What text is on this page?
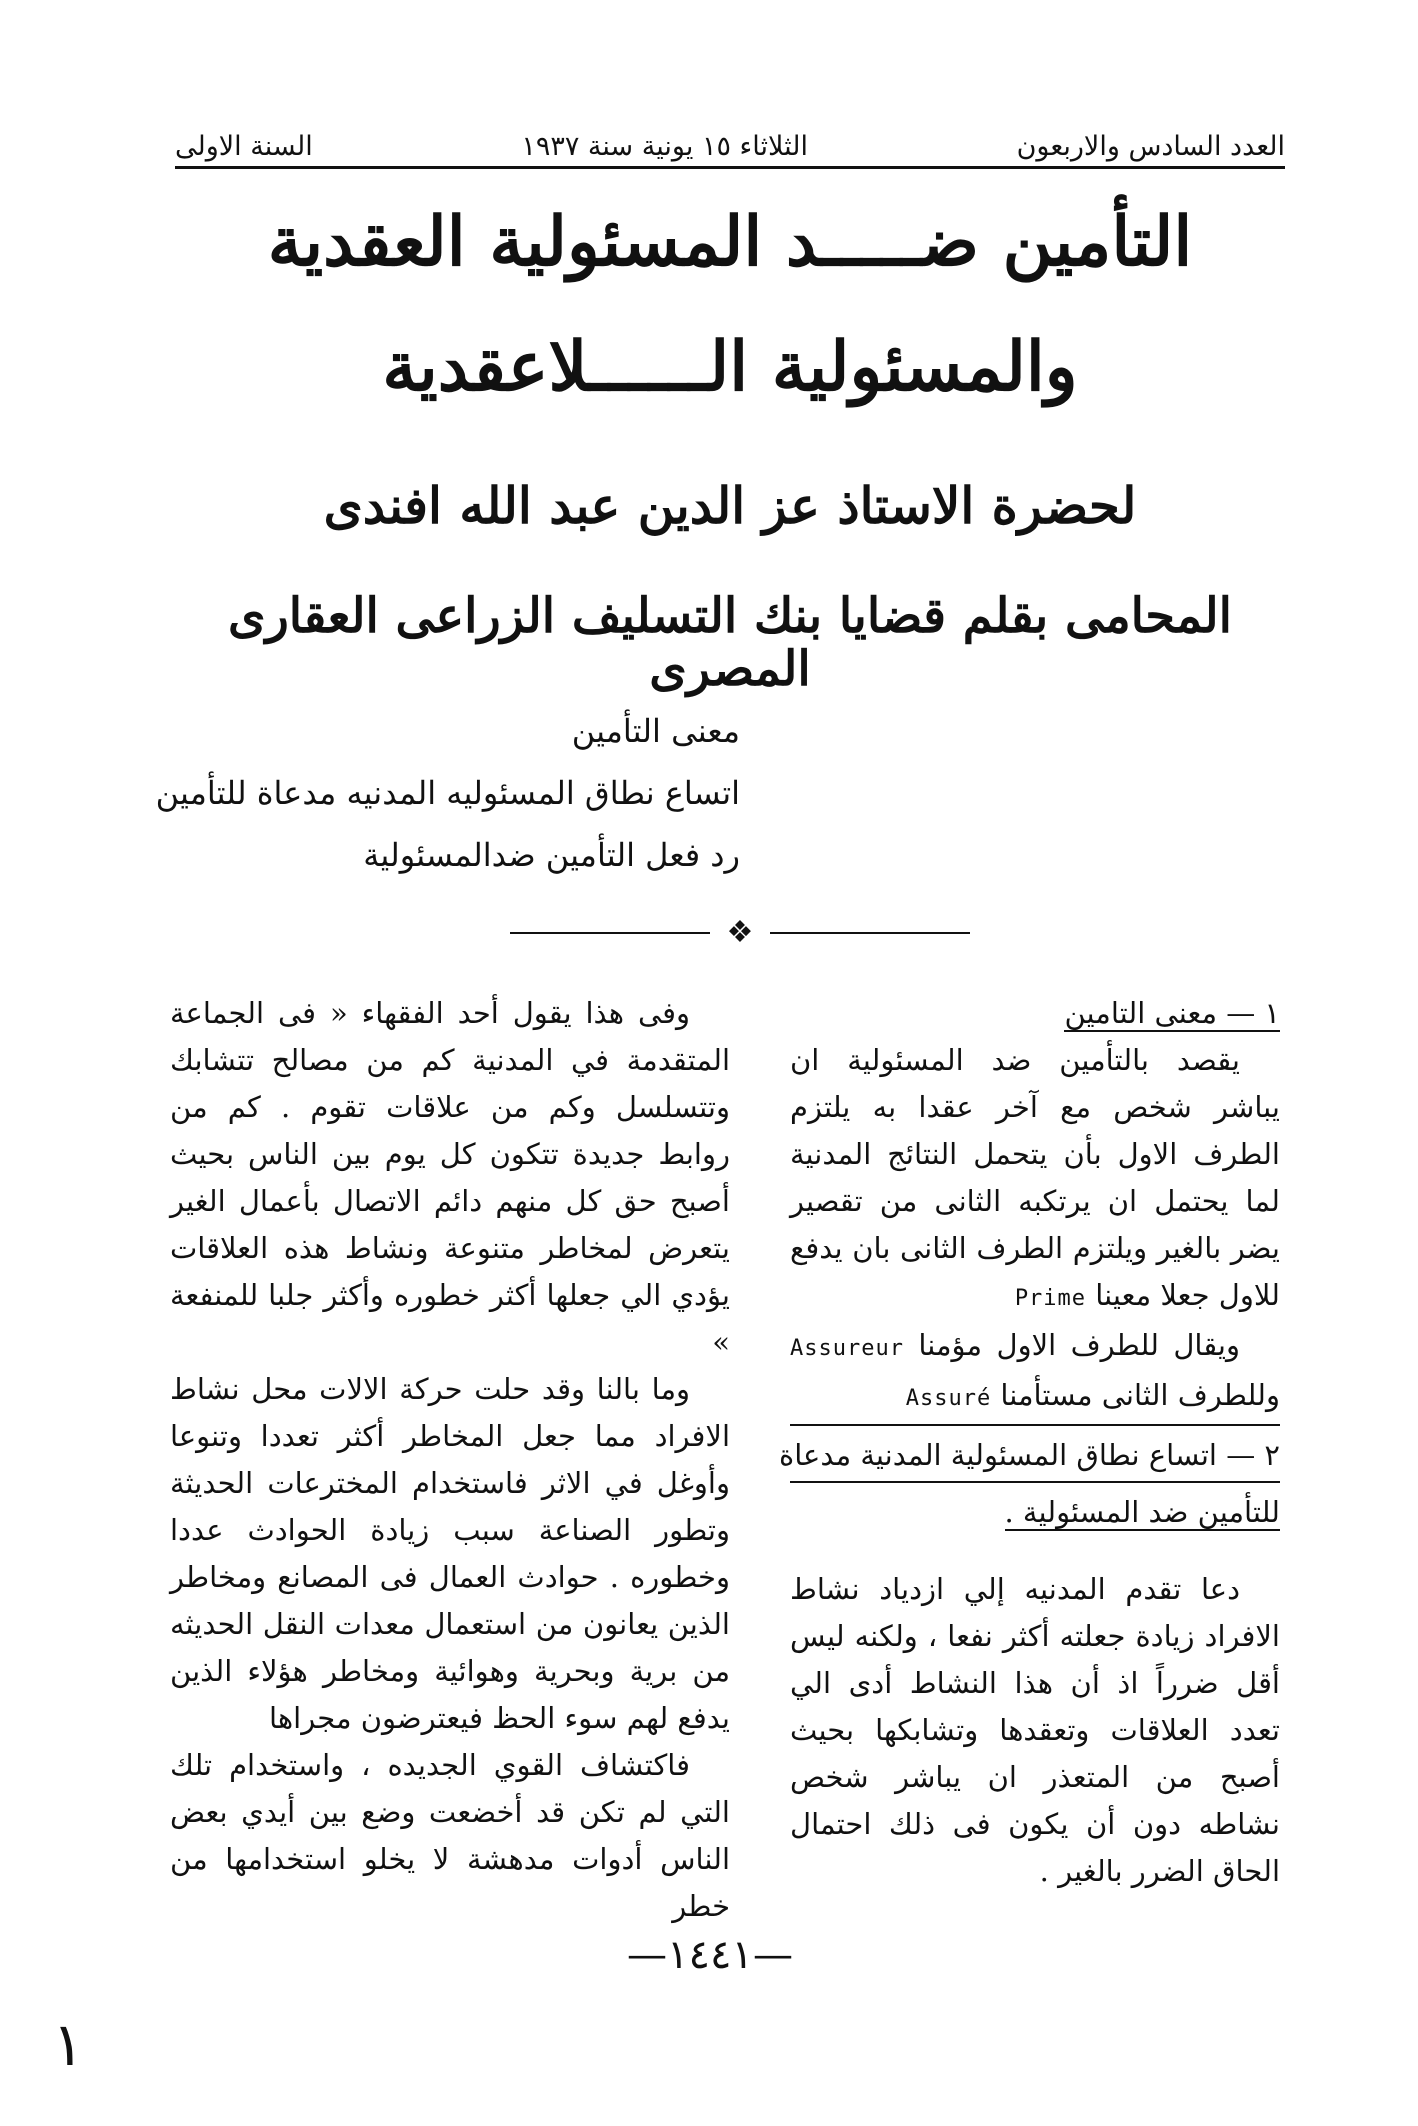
العدد السادس والاربعون
الثلاثاء ١٥ يونية سنة ١٩٣٧
السنة الاولى
التأمين ضـــــد المسئولية العقدية
والمسئولية الــــــلاعقدية
لحضرة الاستاذ عز الدين عبد الله افندى
المحامى بقلم قضايا بنك التسليف الزراعى العقارى المصرى
معنى التأمين
اتساع نطاق المسئوليه المدنيه مدعاة للتأمين
رد فعل التأمين ضدالمسئولية
❖
١ — معنى التامين

يقصد بالتأمين ضد المسئولية ان يباشر شخص مع آخر عقدا به يلتزم الطرف الاول بأن يتحمل النتائج المدنية لما يحتمل ان يرتكبه الثانى من تقصير يضر بالغير ويلتزم الطرف الثانى بان يدفع للاول جعلا معينا Prime

ويقال للطرف الاول مؤمنا Assureur وللطرف الثانى مستأمنا Assuré

٢ — اتساع نطاق المسئولية المدنية مدعاة
للتأمين ضد المسئولية .

دعا تقدم المدنيه إلي ازدياد نشاط الافراد زيادة جعلته أكثر نفعا ، ولكنه ليس أقل ضرراً اذ أن هذا النشاط أدى الي تعدد العلاقات وتعقدها وتشابكها بحيث أصبح من المتعذر ان يباشر شخص نشاطه دون أن يكون فى ذلك احتمال الحاق الضرر بالغير .

وفى هذا يقول أحد الفقهاء « فى الجماعة المتقدمة في المدنية كم من مصالح تتشابك وتتسلسل وكم من علاقات تقوم . كم من روابط جديدة تتكون كل يوم بين الناس بحيث أصبح حق كل منهم دائم الاتصال بأعمال الغير يتعرض لمخاطر متنوعة ونشاط هذه العلاقات يؤدي الي جعلها أكثر خطوره وأكثر جلبا للمنفعة »

وما بالنا وقد حلت حركة الالات محل نشاط الافراد مما جعل المخاطر أكثر تعددا وتنوعا وأوغل في الاثر فاستخدام المخترعات الحديثة وتطور الصناعة سبب زيادة الحوادث عددا وخطوره . حوادث العمال فى المصانع ومخاطر الذين يعانون من استعمال معدات النقل الحديثه من برية وبحرية وهوائية ومخاطر هؤلاء الذين يدفع لهم سوء الحظ فيعترضون مجراها

فاكتشاف القوي الجديده ، واستخدام تلك التي لم تكن قد أخضعت وضع بين أيدي بعض الناس أدوات مدهشة لا يخلو استخدامها من خطر

—١٤٤١—
١
